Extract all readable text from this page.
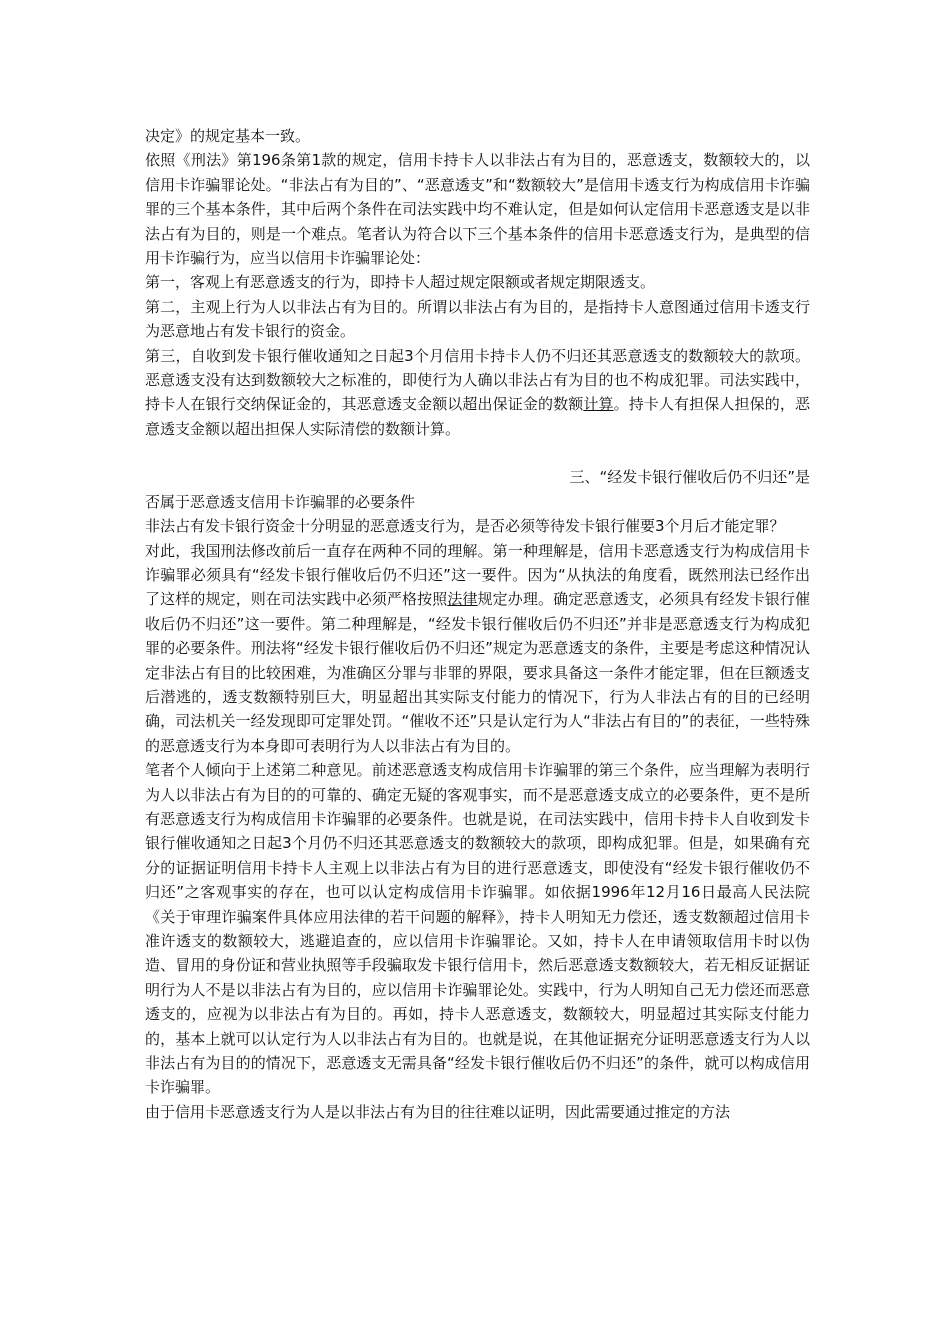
决定》的规定基本一致。

依照《刑法》第196条第1款的规定，信用卡持卡人以非法占有为目的，恶意透支，数额较大的，以信用卡诈骗罪论处。“非法占有为目的”、“恶意透支”和“数额较大”是信用卡透支行为构成信用卡诈骗罪的三个基本条件，其中后两个条件在司法实践中均不难认定，但是如何认定信用卡恶意透支是以非法占有为目的，则是一个难点。笔者认为符合以下三个基本条件的信用卡恶意透支行为，是典型的信用卡诈骗行为，应当以信用卡诈骗罪论处：

第一，客观上有恶意透支的行为，即持卡人超过规定限额或者规定期限透支。

第二，主观上行为人以非法占有为目的。所谓以非法占有为目的，是指持卡人意图通过信用卡透支行为恶意地占有发卡银行的资金。

第三，自收到发卡银行催收通知之日起3个月信用卡持卡人仍不归还其恶意透支的数额较大的款项。恶意透支没有达到数额较大之标准的，即使行为人确以非法占有为目的也不构成犯罪。司法实践中，持卡人在银行交纳保证金的，其恶意透支金额以超出保证金的数额计算。持卡人有担保人担保的，恶意透支金额以超出担保人实际清偿的数额计算。

三、“经发卡银行催收后仍不归还”是

否属于恶意透支信用卡诈骗罪的必要条件

非法占有发卡银行资金十分明显的恶意透支行为，是否必须等待发卡银行催要3个月后才能定罪？

对此，我国刑法修改前后一直存在两种不同的理解。第一种理解是，信用卡恶意透支行为构成信用卡诈骗罪必须具有“经发卡银行催收后仍不归还”这一要件。因为“从执法的角度看，既然刑法已经作出了这样的规定，则在司法实践中必须严格按照法律规定办理。确定恶意透支，必须具有经发卡银行催收后仍不归还”这一要件。第二种理解是，“经发卡银行催收后仍不归还”并非是恶意透支行为构成犯罪的必要条件。刑法将“经发卡银行催收后仍不归还”规定为恶意透支的条件，主要是考虑这种情况认定非法占有目的比较困难，为准确区分罪与非罪的界限，要求具备这一条件才能定罪，但在巨额透支后潜逃的，透支数额特别巨大，明显超出其实际支付能力的情况下，行为人非法占有的目的已经明确，司法机关一经发现即可定罪处罚。“催收不还”只是认定行为人“非法占有目的”的表征，一些特殊的恶意透支行为本身即可表明行为人以非法占有为目的。

笔者个人倾向于上述第二种意见。前述恶意透支构成信用卡诈骗罪的第三个条件，应当理解为表明行为人以非法占有为目的的可靠的、确定无疑的客观事实，而不是恶意透支成立的必要条件，更不是所有恶意透支行为构成信用卡诈骗罪的必要条件。也就是说，在司法实践中，信用卡持卡人自收到发卡银行催收通知之日起3个月仍不归还其恶意透支的数额较大的款项，即构成犯罪。但是，如果确有充分的证据证明信用卡持卡人主观上以非法占有为目的进行恶意透支，即使没有“经发卡银行催收仍不归还”之客观事实的存在，也可以认定构成信用卡诈骗罪。如依据1996年12月16日最高人民法院《关于审理诈骗案件具体应用法律的若干问题的解释》，持卡人明知无力偿还，透支数额超过信用卡准许透支的数额较大，逃避追查的，应以信用卡诈骗罪论。又如，持卡人在申请领取信用卡时以伪造、冒用的身份证和营业执照等手段骗取发卡银行信用卡，然后恶意透支数额较大，若无相反证据证明行为人不是以非法占有为目的，应以信用卡诈骗罪论处。实践中，行为人明知自己无力偿还而恶意透支的，应视为以非法占有为目的。再如，持卡人恶意透支，数额较大，明显超过其实际支付能力的，基本上就可以认定行为人以非法占有为目的。也就是说，在其他证据充分证明恶意透支行为人以非法占有为目的的情况下，恶意透支无需具备“经发卡银行催收后仍不归还”的条件，就可以构成信用卡诈骗罪。

由于信用卡恶意透支行为人是以非法占有为目的往往难以证明，因此需要通过推定的方法
